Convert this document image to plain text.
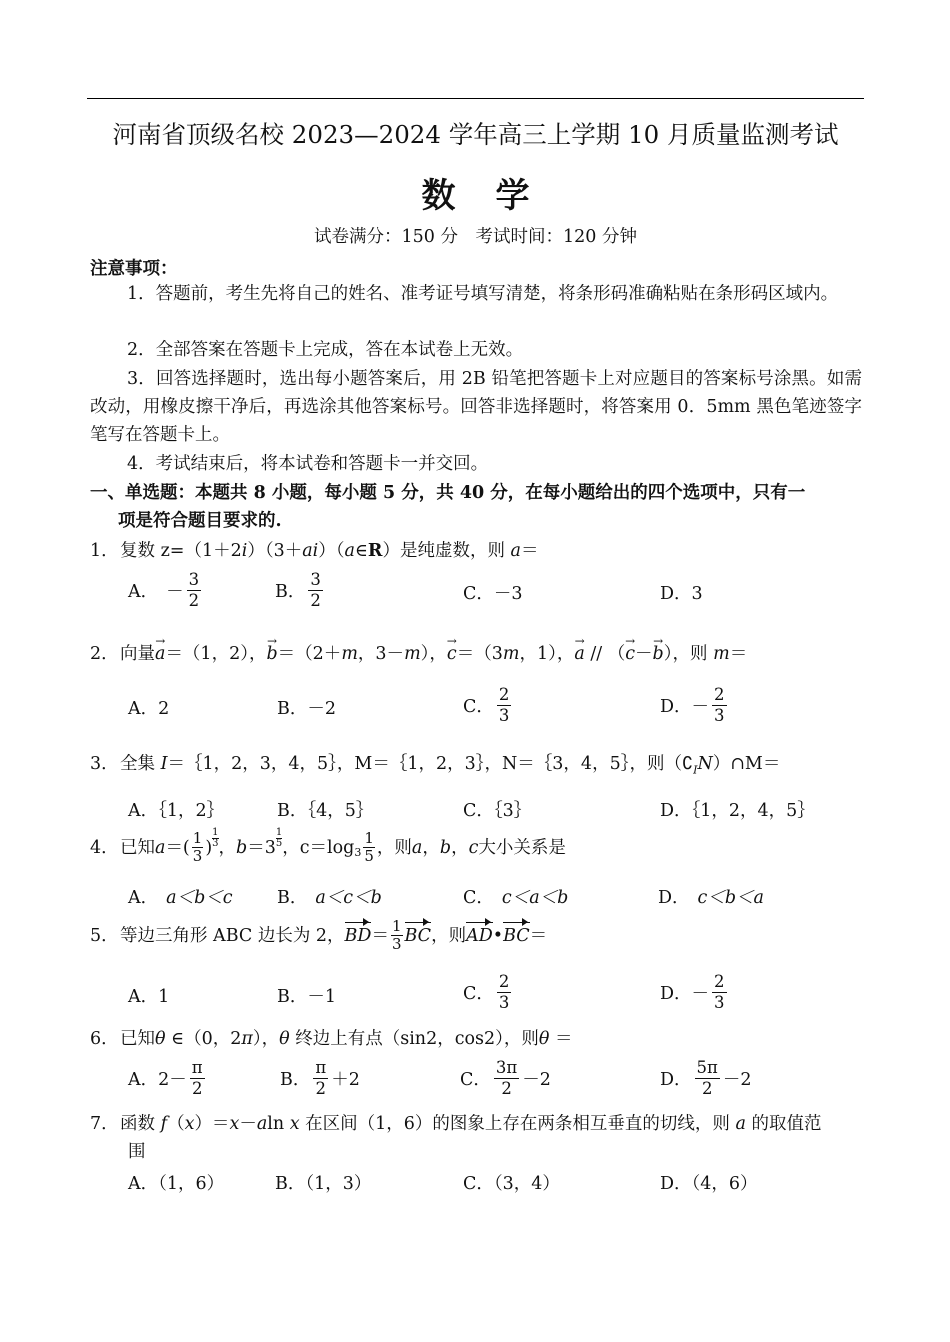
河南省顶级名校 2023—2024 学年高三上学期 10 月质量监测考试
数学
试卷满分：150 分　考试时间：120 分钟
注意事项：
1．答题前，考生先将自己的姓名、准考证号填写清楚，将条形码准确粘贴在条形码区域内。
2．全部答案在答题卡上完成，答在本试卷上无效。
3．回答选择题时，选出每小题答案后，用 2B 铅笔把答题卡上对应题目的答案标号涂黑。如需改动，用橡皮擦干净后，再选涂其他答案标号。回答非选择题时，将答案用 0．5mm 黑色笔迹签字笔写在答题卡上。
4．考试结束后，将本试卷和答题卡一并交回。
一、单选题：本题共 8 小题，每小题 5 分，共 40 分，在每小题给出的四个选项中，只有一
项是符合题目要求的.
1．复数 z=（1＋2i）（3＋ai）（a∈R）是纯虚数，则 a＝
A． － $\frac{3}{2}$	B． $\frac{3}{2}$	C．－3	D．3
2．向量→ a＝（1，2），→ b＝（2＋m，3－m），→ c＝（3m，1），→ a // （→ c－→ b），则 m＝
A．2	B．－2	C． $\frac{2}{3}$	D． － $\frac{2}{3}$
3．全集 I＝｛1，2，3，4，5｝，M＝｛1，2，3｝，N＝｛3，4，5｝，则$(∁_IN)\cap M=$
A．｛1，2｝	B．｛4，5｝	C．｛3｝	D．｛1，2，4，5｝
4． 已知 a ＝( 1
3 )
1
3 ， b ＝3
1
5 ，$c=\log_3$
1
5 ，则 a ， b ， c 大小关系是
A． a＜b＜c	B． a＜c＜b	C． c＜a＜b	D． c＜b＜a
5． 等边三角形 ABC 边长为 2， BD ＝ 1
3 BC ，则 AD • BC ＝
A．1	B．－1	C． $\frac{2}{3}$	D． － $\frac{2}{3}$
6．已知θ ∈（0，2π），θ 终边上有点（sin2，cos2），则θ ＝
A．$2- \frac{\pi}{2}$	B． $\frac{\pi}{2} +2$	C． $\frac{3\pi}{2} -2$	D． $\frac{5\pi}{2} -2$
7．函数 f（x）＝x－aln x 在区间（1，6）的图象上存在两条相互垂直的切线，则 a 的取值范
围
A．（1，6）	B．（1，3）	C．（3，4）	D．（4，6）
